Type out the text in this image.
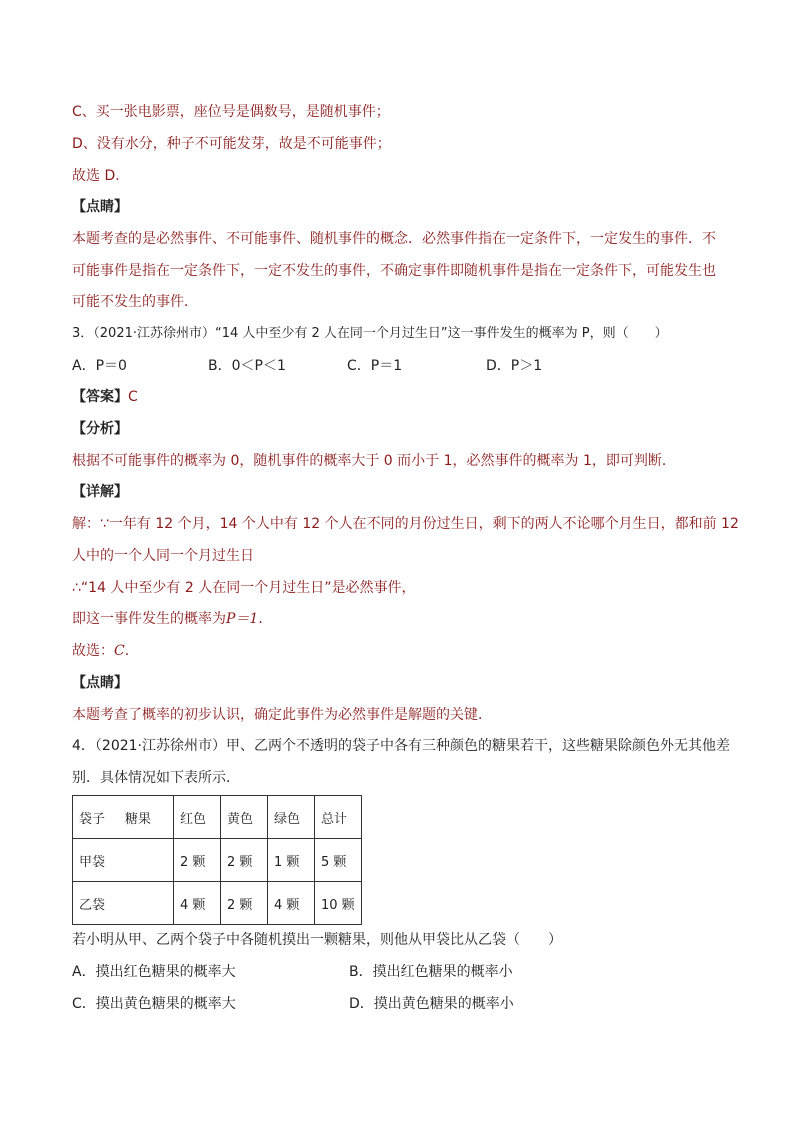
C、买一张电影票，座位号是偶数号，是随机事件；
D、没有水分，种子不可能发芽，故是不可能事件；
故选 D．
【点睛】
本题考查的是必然事件、不可能事件、随机事件的概念．必然事件指在一定条件下，一定发生的事件．不
可能事件是指在一定条件下，一定不发生的事件，不确定事件即随机事件是指在一定条件下，可能发生也
可能不发生的事件．
3．（2021·江苏徐州市）“14 人中至少有 2 人在同一个月过生日”这一事件发生的概率为 P，则（　　）
A．P＝0	B．0＜P＜1	C．P＝1	D．P＞1
【答案】C
【分析】
根据不可能事件的概率为 0，随机事件的概率大于 0 而小于 1，必然事件的概率为 1，即可判断．
【详解】
解：∵一年有 12 个月，14 个人中有 12 个人在不同的月份过生日，剩下的两人不论哪个月生日，都和前 12
人中的一个人同一个月过生日
∴“14 人中至少有 2 人在同一个月过生日”是必然事件，
即这一事件发生的概率为P＝1．
故选：C．
【点睛】
本题考查了概率的初步认识，确定此事件为必然事件是解题的关键．
4．（2021·江苏徐州市）甲、乙两个不透明的袋子中各有三种颜色的糖果若干，这些糖果除颜色外无其他差
别．具体情况如下表所示．
袋子 糖果	红色	黄色	绿色	总计
甲袋	2 颗	2 颗	1 颗	5 颗
乙袋	4 颗	2 颗	4 颗	10 颗
若小明从甲、乙两个袋子中各随机摸出一颗糖果，则他从甲袋比从乙袋（　　）
A．摸出红色糖果的概率大	B．摸出红色糖果的概率小
C．摸出黄色糖果的概率大	D．摸出黄色糖果的概率小
